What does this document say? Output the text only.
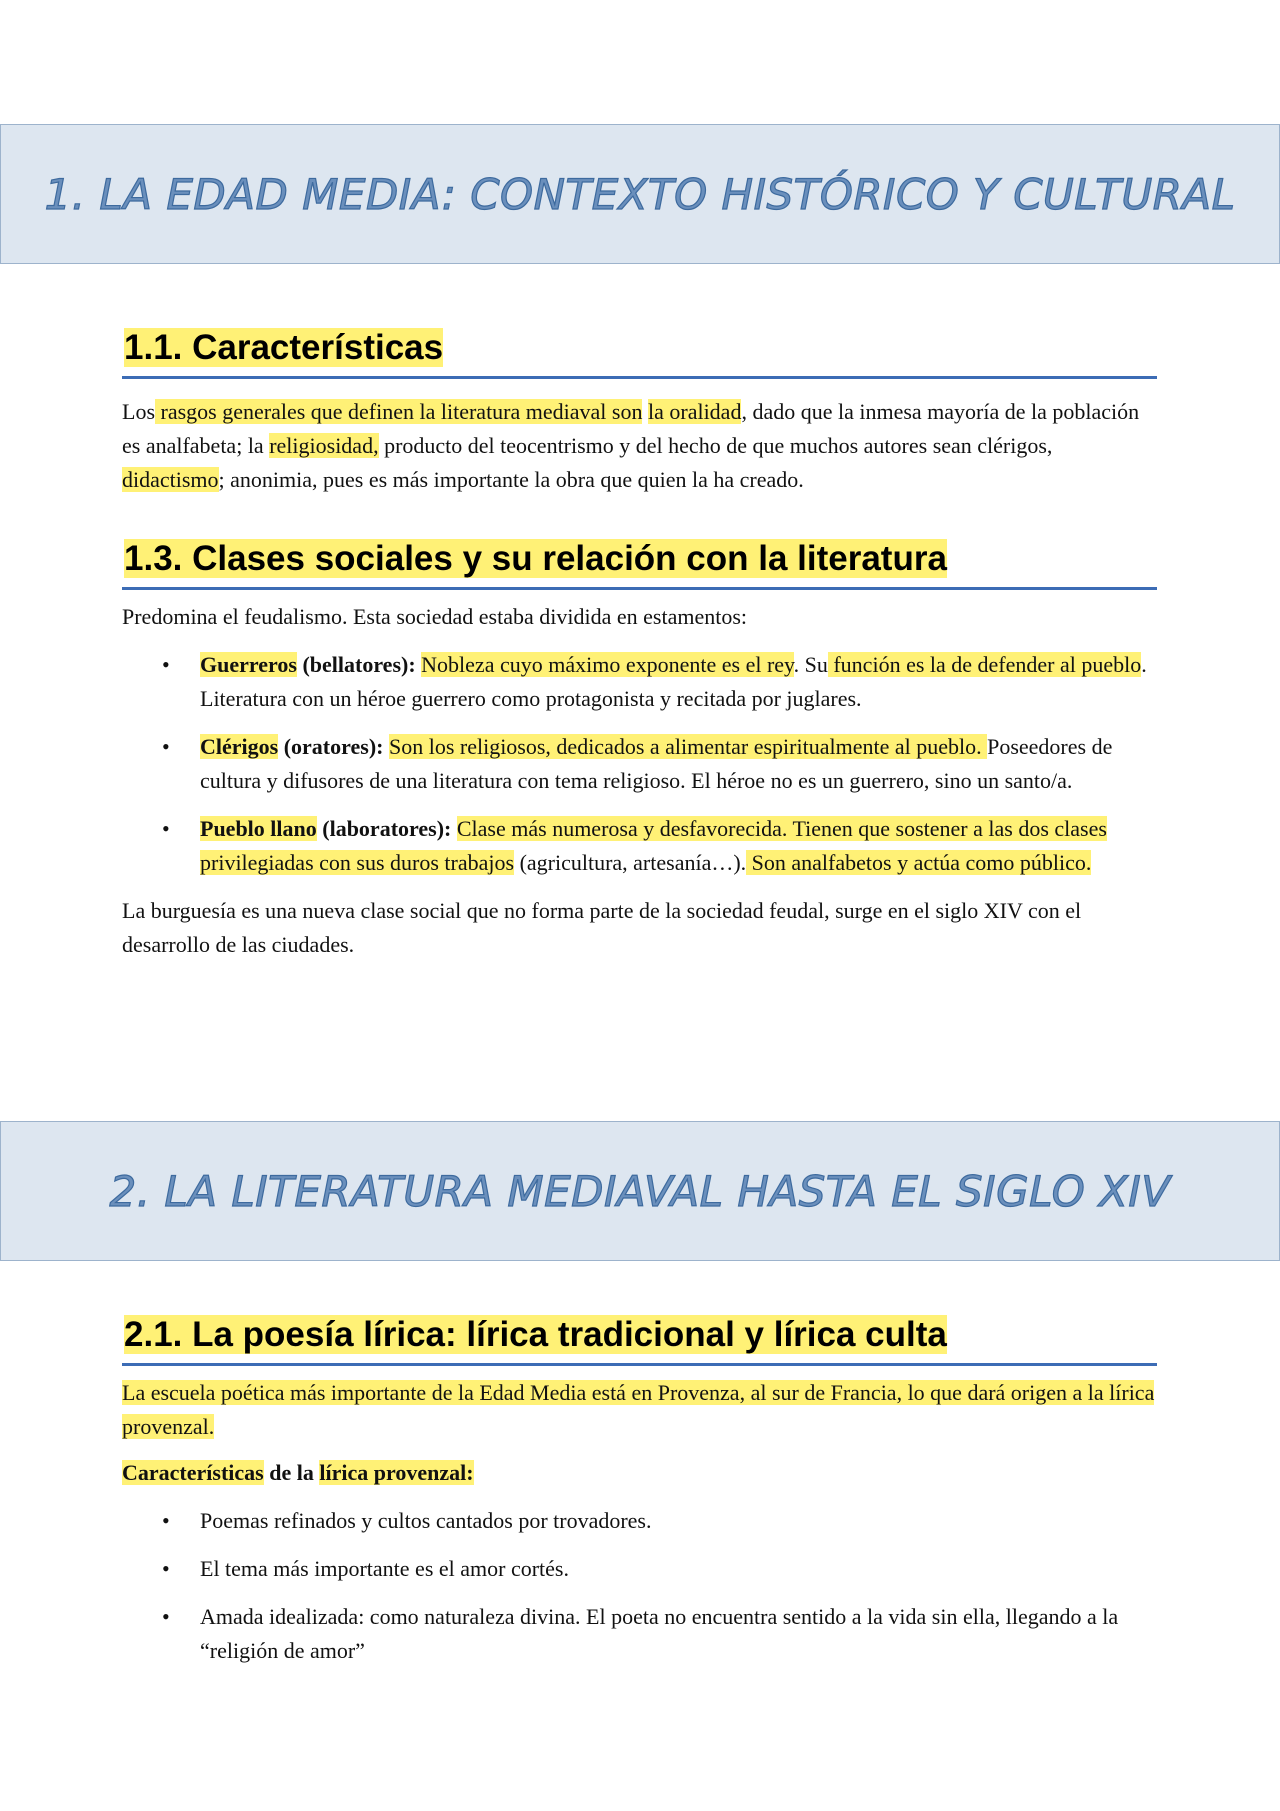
1. LA EDAD MEDIA: CONTEXTO HISTÓRICO Y CULTURAL
1.1. Características

Los rasgos generales que definen la literatura mediaval son la oralidad, dado que la inmesa mayoría de la población es analfabeta; la religiosidad, producto del teocentrismo y del hecho de que muchos autores sean clérigos, didactismo; anonimia, pues es más importante la obra que quien la ha creado.

1.3. Clases sociales y su relación con la literatura

Predomina el feudalismo. Esta sociedad estaba dividida en estamentos:

• Guerreros (bellatores): Nobleza cuyo máximo exponente es el rey. Su función es la de defender al pueblo. Literatura con un héroe guerrero como protagonista y recitada por juglares.
• Clérigos (oratores): Son los religiosos, dedicados a alimentar espiritualmente al pueblo. Poseedores de cultura y difusores de una literatura con tema religioso. El héroe no es un guerrero, sino un santo/a.
• Pueblo llano (laboratores): Clase más numerosa y desfavorecida. Tienen que sostener a las dos clases privilegiadas con sus duros trabajos (agricultura, artesanía…). Son analfabetos y actúa como público.

La burguesía es una nueva clase social que no forma parte de la sociedad feudal, surge en el siglo XIV con el desarrollo de las ciudades.

2. LA LITERATURA MEDIAVAL HASTA EL SIGLO XIV
2.1. La poesía lírica: lírica tradicional y lírica culta

La escuela poética más importante de la Edad Media está en Provenza, al sur de Francia, lo que dará origen a la lírica provenzal.

Características de la lírica provenzal:

• Poemas refinados y cultos cantados por trovadores.
• El tema más importante es el amor cortés.
• Amada idealizada: como naturaleza divina. El poeta no encuentra sentido a la vida sin ella, llegando a la “religión de amor”
